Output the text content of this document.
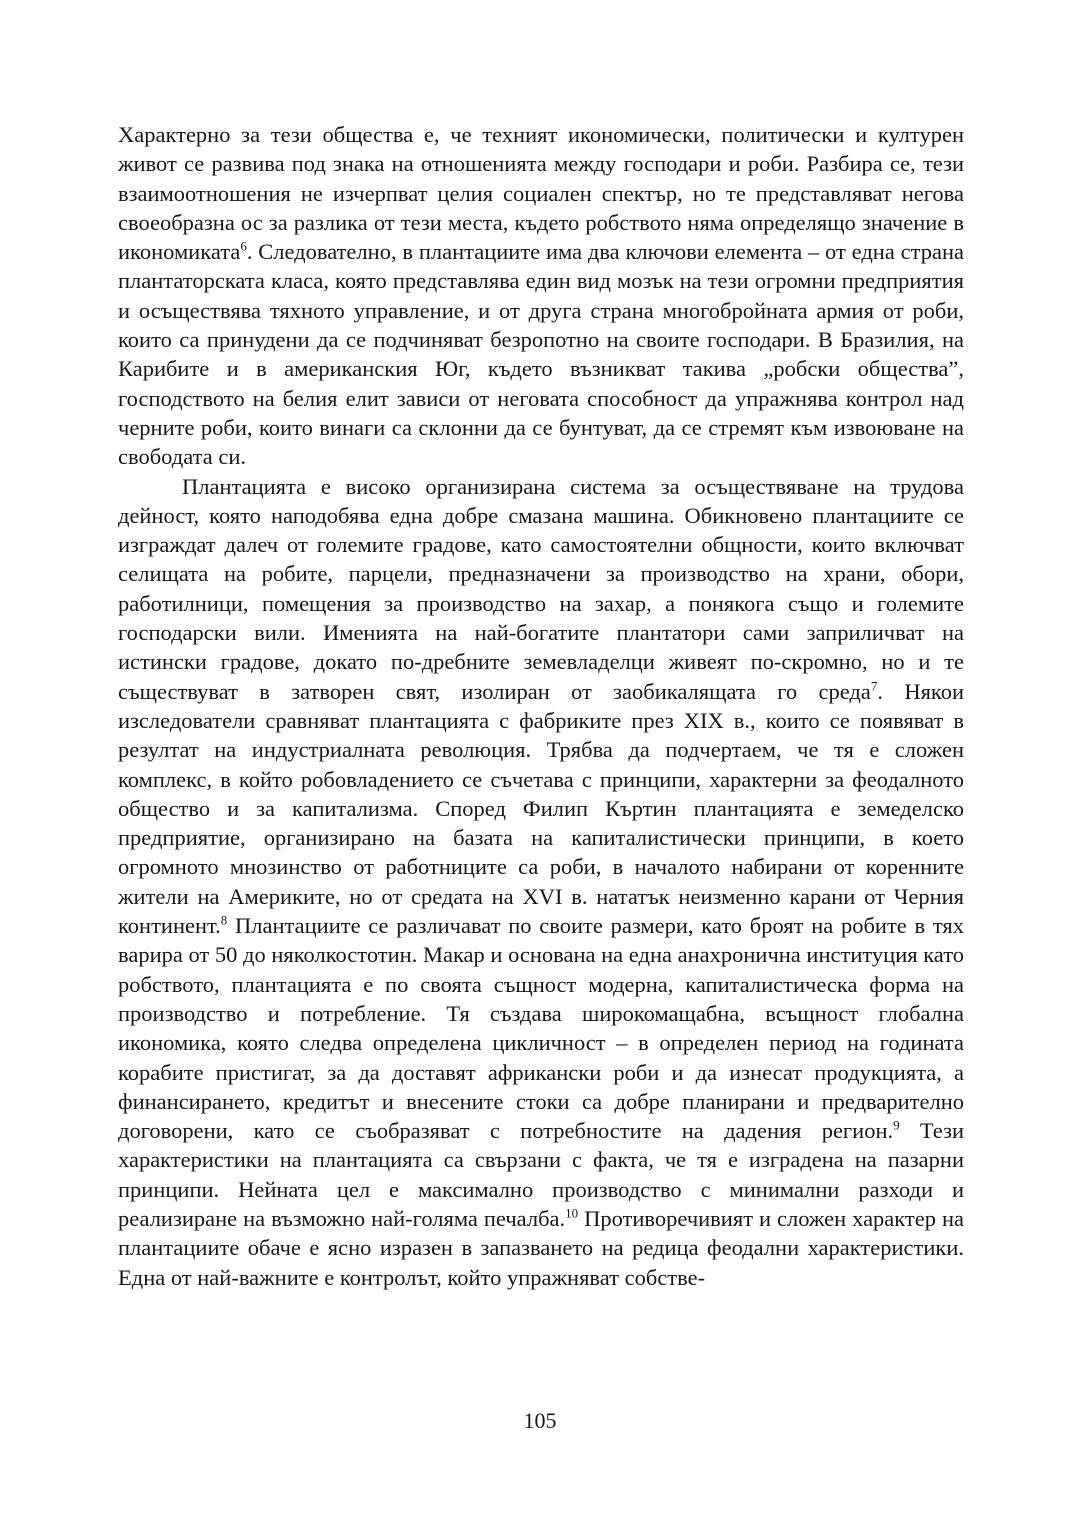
Характерно за тези общества е, че техният икономически, политически и културен живот се развива под знака на отношенията между господари и роби. Разбира се, тези взаимоотношения не изчерпват целия социален спектър, но те представляват негова своеобразна ос за разлика от тези места, където робството няма определящо значение в икономиката$^6$. Следователно, в плантациите има два ключови елемента – от една страна плантаторската класа, която представлява един вид мозък на тези огромни предприятия и осъществява тяхното управление, и от друга страна многобройната армия от роби, които са принудени да се подчиняват безропотно на своите господари. В Бразилия, на Карибите и в американския Юг, където възникват такива „робски общества”, господството на белия елит зависи от неговата способност да упражнява контрол над черните роби, които винаги са склонни да се бунтуват, да се стремят към извоюване на свободата си.

Плантацията е високо организирана система за осъществяване на трудова дейност, която наподобява една добре смазана машина. Обикновено плантациите се изграждат далеч от големите градове, като самостоятелни общности, които включват селищата на робите, парцели, предназначени за производство на храни, обори, работилници, помещения за производство на захар, а понякога също и големите господарски вили. Именията на най-богатите плантатори сами заприличват на истински градове, докато по-дребните земевладелци живеят по-скромно, но и те съществуват в затворен свят, изолиран от заобикалящата го среда$^7$. Някои изследователи сравняват плантацията с фабриките през XIX в., които се появяват в резултат на индустриалната революция. Трябва да подчертаем, че тя е сложен комплекс, в който робовладението се съчетава с принципи, характерни за феодалното общество и за капитализма. Според Филип Къртин плантацията е земеделско предприятие, организирано на базата на капиталистически принципи, в което огромното мнозинство от работниците са роби, в началото набирани от коренните жители на Америките, но от средата на XVI в. нататък неизменно карани от Черния континент.$^8$ Плантациите се различават по своите размери, като броят на робите в тях варира от 50 до няколкостотин. Макар и основана на една анахронична институция като робството, плантацията е по своята същност модерна, капиталистическа форма на производство и потребление. Тя създава широкомащабна, всъщност глобална икономика, която следва определена цикличност – в определен период на годината корабите пристигат, за да доставят африкански роби и да изнесат продукцията, а финансирането, кредитът и внесените стоки са добре планирани и предварително договорени, като се съобразяват с потребностите на дадения регион.$^9$ Тези характеристики на плантацията са свързани с факта, че тя е изградена на пазарни принципи. Нейната цел е максимално производство с минимални разходи и реализиране на възможно най-голяма печалба.$^{10}$ Противоречивият и сложен характер на плантациите обаче е ясно изразен в запазването на редица феодални характеристики. Една от най-важните е контролът, който упражняват собстве-

105
